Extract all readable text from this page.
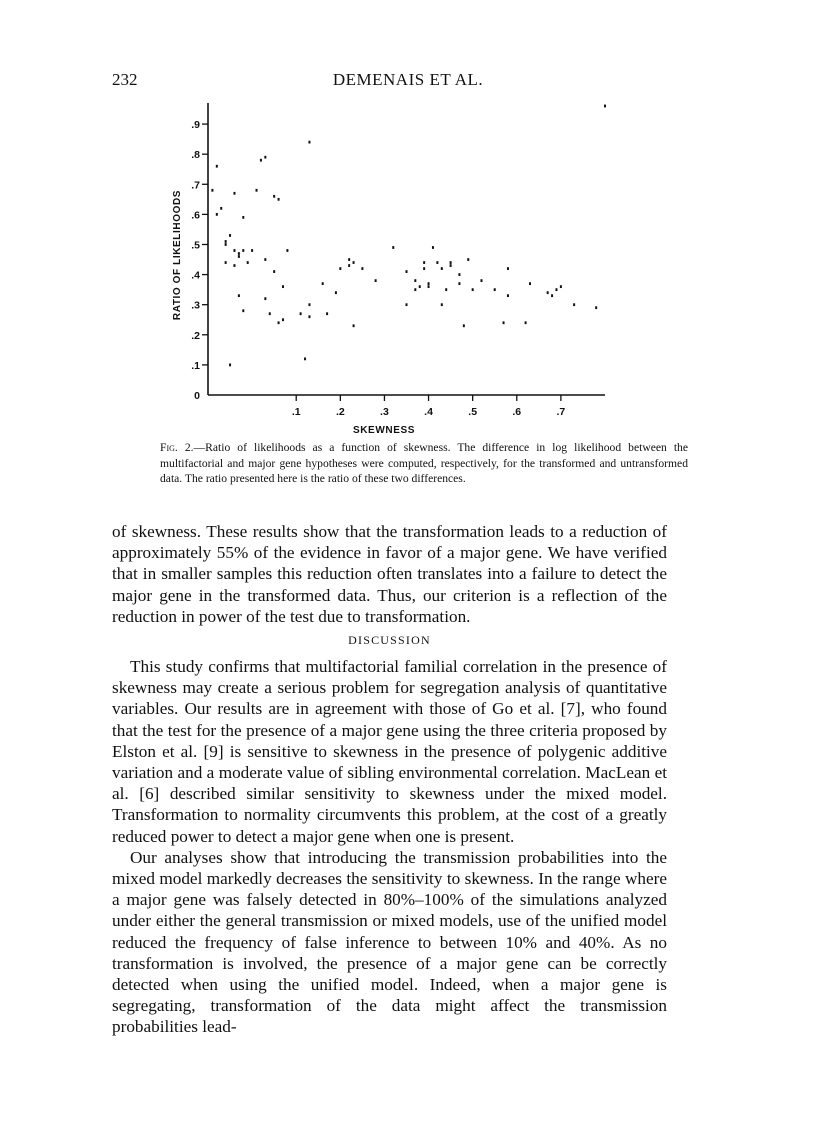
232	DEMENAIS ET AL.
.1	.2	.3	.4	.5	.6	.7
0
.1
.2
.3
.4
.5
.6
.7
.8
.9
SKEWNESS
RATIO OF LIKELIHOODS
Fig. 2.—Ratio of likelihoods as a function of skewness. The difference in log likelihood between the multifactorial and major gene hypotheses were computed, respectively, for the transformed and untransformed data. The ratio presented here is the ratio of these two differences.

of skewness. These results show that the transformation leads to a reduction of approximately 55% of the evidence in favor of a major gene. We have verified that in smaller samples this reduction often translates into a failure to detect the major gene in the transformed data. Thus, our criterion is a reflection of the reduction in power of the test due to transformation.

DISCUSSION

This study confirms that multifactorial familial correlation in the presence of skewness may create a serious problem for segregation analysis of quantitative variables. Our results are in agreement with those of Go et al. [7], who found that the test for the presence of a major gene using the three criteria proposed by Elston et al. [9] is sensitive to skewness in the presence of polygenic additive variation and a moderate value of sibling environmental correlation. MacLean et al. [6] described similar sensitivity to skewness under the mixed model. Transformation to normality circumvents this problem, at the cost of a greatly reduced power to detect a major gene when one is present.

Our analyses show that introducing the transmission probabilities into the mixed model markedly decreases the sensitivity to skewness. In the range where a major gene was falsely detected in 80%–100% of the simulations analyzed under either the general transmission or mixed models, use of the unified model reduced the frequency of false inference to between 10% and 40%. As no transformation is involved, the presence of a major gene can be correctly detected when using the unified model. Indeed, when a major gene is segregating, transformation of the data might affect the transmission probabilities lead-
